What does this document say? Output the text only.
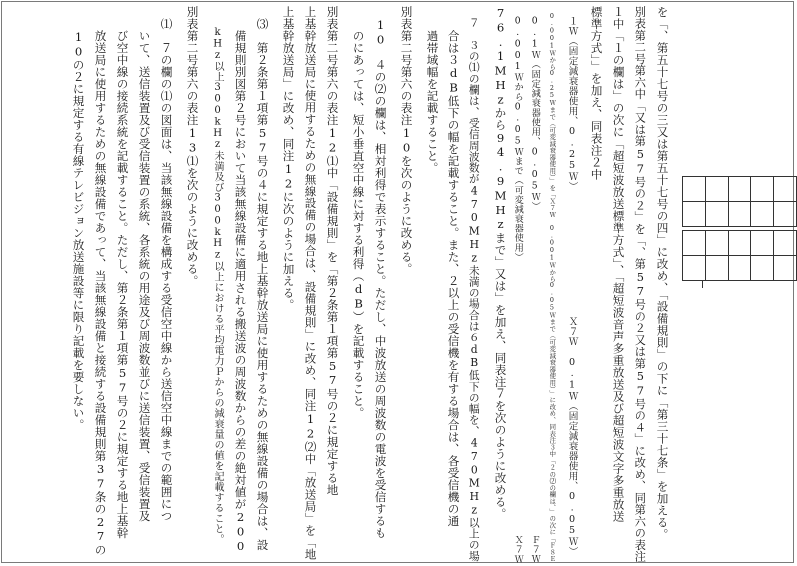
を「、第五十七号の三又は第五十七号の四」に改め、「設備規則」の下に「第三十七条」を加える。
別表第二号第六中「又は第57号の２」を「、第57号の２又は第57号の４」に改め、同第六の表注
１中「１の欄は」の次に「超短波放送標準方式」、「超短波音声多重放送及び超短波文字多重放送
標準方式」」を加え、同表注２中
　１Ｗ（固定減衰器使用、0.25Ｗ）　　　　　　　　　　　　　Ｘ７Ｗ　0.1Ｗ（固定減衰器使用、0.05Ｗ）
　0.001Ｗから0.25Ｗまで（可変減衰器使用）」を「Ｘ７Ｗ　0.001Ｗから0.05Ｗまで（可変減衰器使用）」に改め、同表注３中「２の⑵の欄は、」の次に「Ｆ８Ｅ
　0.1Ｗ（固定減衰器使用、0.05Ｗ）　　　　　　　　　　　　　　　　　　　　　　　　　　　　　　　　　　Ｆ７Ｗ
　0.001Ｗから0.05Ｗまで（可変減衰器使用）　　　　　　　　　　　　　　　　　　　　　　　　　　　　　Ｘ７Ｗ
76.1MHzから94.9MHzまで」又は」を加え、同表注７を次のように改める。
　７　３の⑴の欄は、受信周波数が470MHz未満の場合は６dB低下の幅を、470MHz以上の場
　　合は３dB低下の幅を記載すること。また、２以上の受信機を有する場合は、各受信機の通
　　過帯域幅を記載すること。
別表第二号第六の表注10を次のように改める。
　10　４の⑵の欄は、相対利得で表示すること。ただし、中波放送の周波数の電波を受信するも
　　のにあっては、短小垂直空中線に対する利得（dB）を記載すること。
別表第二号第六の表注12⑴中「設備規則」を「第２条第１項第57号の２に規定する地
上基幹放送局に使用するための無線設備の場合は、設備規則」に改め、同注12⑵中「放送局」を「地
上基幹放送局」に改め、同注12に次のように加える。
　⑶　第２条第１項第57号の４に規定する地上基幹放送局に使用するための無線設備の場合は、設
　　備規則別図第２号において当該無線設備に適用される搬送波の周波数からの差の絶対値が200
　　kHz以上300kHz未満及び300kHz以上における平均電力Ｐからの減衰量の値を記載すること。
別表第二号第六の表注13⑴を次のように改める。
　⑴　７の欄の⑴の図面は、当該無線設備を構成する受信空中線から送信空中線までの範囲につ
　　いて、送信装置及び受信装置の系統、各系統の用途及び周波数並びに送信装置、受信装置及
　　び空中線の接続系統を記載すること。ただし、第２条第１項第57号の２に規定する地上基幹
　　放送局に使用するための無線設備であって、当該無線設備と接続する設備規則第37条の27の
　　10の２に規定する有線テレビジョン放送施設等に限り記載を要しない。
